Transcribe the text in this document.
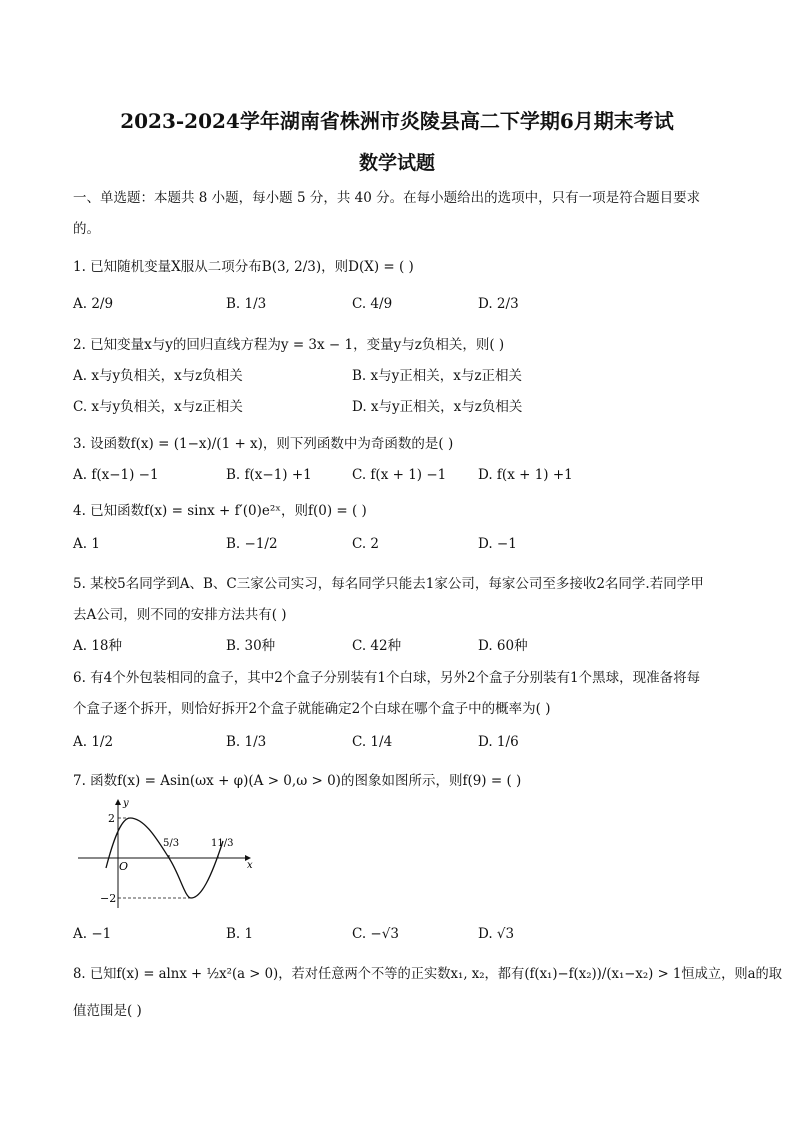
2023-2024学年湖南省株洲市炎陵县高二下学期6月期末考试
数学试题
一、单选题：本题共 8 小题，每小题 5 分，共 40 分。在每小题给出的选项中，只有一项是符合题目要求
的。
1. 已知随机变量X服从二项分布B(3, 2/3)，则D(X) = ( )
A. 2/9	B. 1/3	C. 4/9	D. 2/3
2. 已知变量x与y的回归直线方程为y = 3x − 1，变量y与z负相关，则( )
A. x与y负相关，x与z负相关	B. x与y正相关，x与z正相关
C. x与y负相关，x与z正相关	D. x与y正相关，x与z负相关
3. 设函数f(x) = (1−x)/(1 + x)，则下列函数中为奇函数的是( )
A. f(x−1) −1	B. f(x−1) +1	C. f(x + 1) −1 D. f(x + 1) +1
4. 已知函数f(x) = sinx + f′(0)e²ˣ，则f(0) = ( )
A. 1	B. −1/2	C. 2	D. −1
5. 某校5名同学到A、B、C三家公司实习，每名同学只能去1家公司，每家公司至多接收2名同学.若同学甲
去A公司，则不同的安排方法共有( )
A. 18种	B. 30种	C. 42种	D. 60种
6. 有4个外包装相同的盒子，其中2个盒子分别装有1个白球，另外2个盒子分别装有1个黑球，现准备将每
个盒子逐个拆开，则恰好拆开2个盒子就能确定2个白球在哪个盒子中的概率为( )
A. 1/2	B. 1/3	C. 1/4	D. 1/6
7. 函数f(x) = Asin(ωx + φ)(A > 0,ω > 0)的图象如图所示，则f(9) = ( )
2
−2
O	x
y
5/3	11/3
A. −1	B. 1	C. −√3	D. √3
8. 已知f(x) = alnx + ½x²(a > 0)，若对任意两个不等的正实数x₁, x₂，都有(f(x₁)−f(x₂))/(x₁−x₂) > 1恒成立，则a的取
值范围是( )
